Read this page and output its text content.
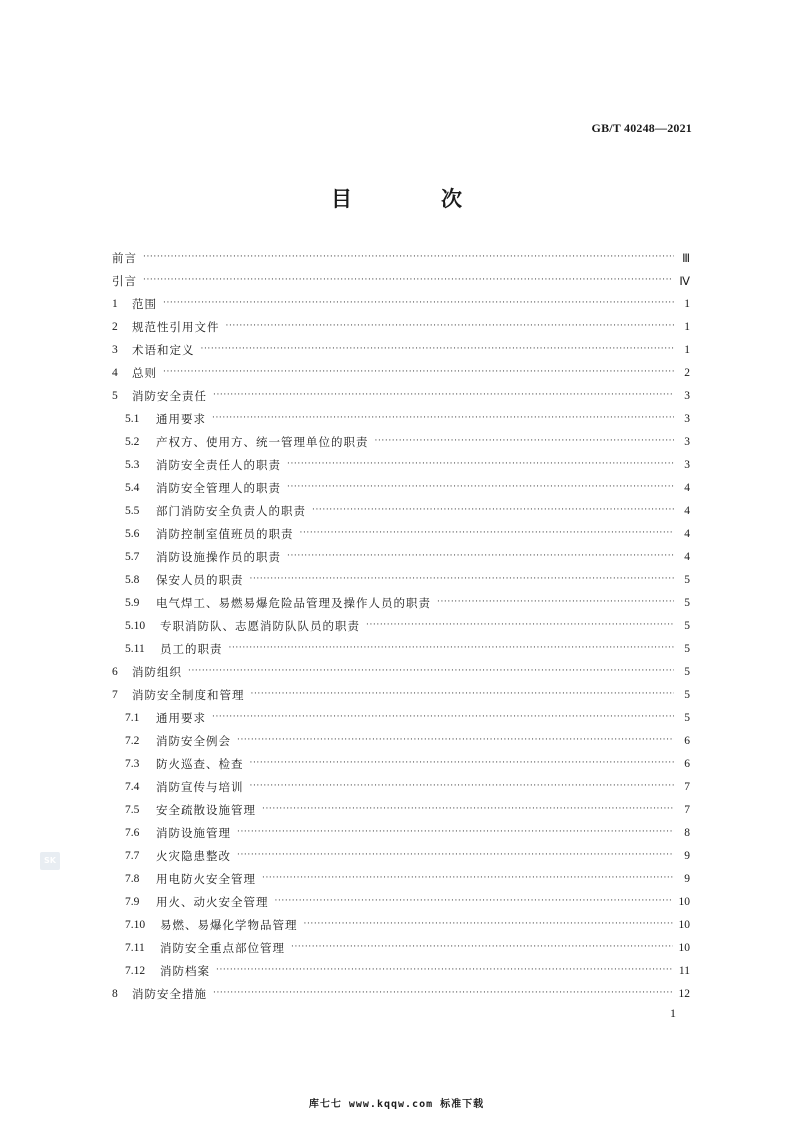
GB/T 40248—2021
目　次
前言 ·····	Ⅲ
引言 ·····	Ⅳ
1	范围 ·····	1
2	规范性引用文件 ·····	1
3	术语和定义 ·····	1
4	总则 ·····	2
5	消防安全责任 ·····	3
5.1	通用要求 ·····	3
5.2	产权方、使用方、统一管理单位的职责 ·····	3
5.3	消防安全责任人的职责 ·····	3
5.4	消防安全管理人的职责 ·····	4
5.5	部门消防安全负责人的职责 ·····	4
5.6	消防控制室值班员的职责 ·····	4
5.7	消防设施操作员的职责 ·····	4
5.8	保安人员的职责 ·····	5
5.9	电气焊工、易燃易爆危险品管理及操作人员的职责 ·····	5
5.10	专职消防队、志愿消防队队员的职责 ·····	5
5.11	员工的职责 ·····	5
6	消防组织 ·····	5
7	消防安全制度和管理 ·····	5
7.1	通用要求 ·····	5
7.2	消防安全例会 ·····	6
7.3	防火巡查、检查 ·····	6
7.4	消防宣传与培训 ·····	7
7.5	安全疏散设施管理 ·····	7
7.6	消防设施管理 ·····	8
7.7	火灾隐患整改 ·····	9
7.8	用电防火安全管理 ·····	9
7.9	用火、动火安全管理 ·····	10
7.10	易燃、易爆化学物品管理 ·····	10
7.11	消防安全重点部位管理 ·····	10
7.12	消防档案 ·····	11
8	消防安全措施 ·····	12
SK
1
库七七 www.kqqw.com 标准下载
